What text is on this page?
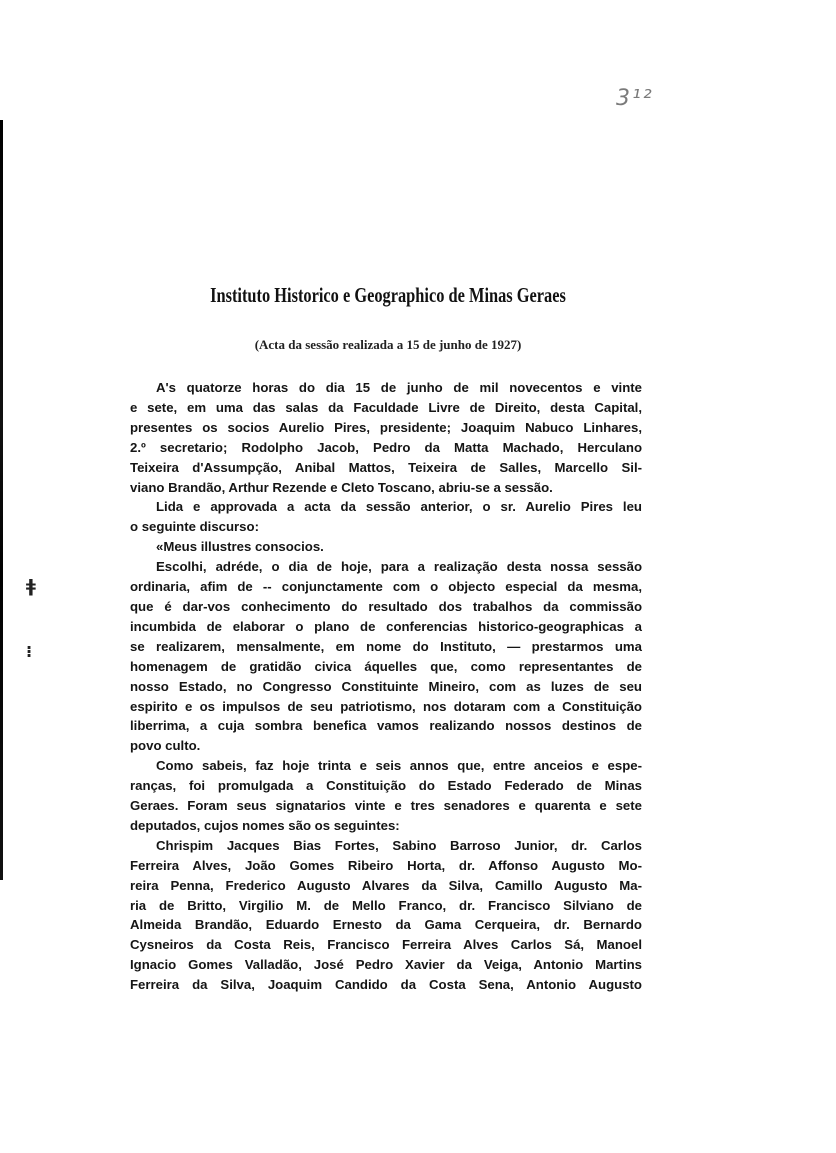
3¹²
ǂ
⁝
Instituto Historico e Geographico de Minas Geraes
(Acta da sessão realizada a 15 de junho de 1927)
A's quatorze horas do dia 15 de junho de mil novecentos e vinte
e sete, em uma das salas da Faculdade Livre de Direito, desta Capital,
presentes os socios Aurelio Pires, presidente; Joaquim Nabuco Linhares,
2.º secretario; Rodolpho Jacob, Pedro da Matta Machado, Herculano
Teixeira d'Assumpção, Anibal Mattos, Teixeira de Salles, Marcello Sil-
viano Brandão, Arthur Rezende e Cleto Toscano, abriu-se a sessão.
Lida e approvada a acta da sessão anterior, o sr. Aurelio Pires leu
o seguinte discurso:
«Meus illustres consocios.
Escolhi, adréde, o dia de hoje, para a realização desta nossa sessão
ordinaria, afim de -- conjunctamente com o objecto especial da mesma,
que é dar-vos conhecimento do resultado dos trabalhos da commissão
incumbida de elaborar o plano de conferencias historico-geographicas a
se realizarem, mensalmente, em nome do Instituto, — prestarmos uma
homenagem de gratidão civica áquelles que, como representantes de
nosso Estado, no Congresso Constituinte Mineiro, com as luzes de seu
espirito e os impulsos de seu patriotismo, nos dotaram com a Constituição
liberrima, a cuja sombra benefica vamos realizando nossos destinos de
povo culto.
Como sabeis, faz hoje trinta e seis annos que, entre anceios e espe-
ranças, foi promulgada a Constituição do Estado Federado de Minas
Geraes. Foram seus signatarios vinte e tres senadores e quarenta e sete
deputados, cujos nomes são os seguintes:
Chrispim Jacques Bias Fortes, Sabino Barroso Junior, dr. Carlos
Ferreira Alves, João Gomes Ribeiro Horta, dr. Affonso Augusto Mo-
reira Penna, Frederico Augusto Alvares da Silva, Camillo Augusto Ma-
ria de Britto, Virgilio M. de Mello Franco, dr. Francisco Silviano de
Almeida Brandão, Eduardo Ernesto da Gama Cerqueira, dr. Bernardo
Cysneiros da Costa Reis, Francisco Ferreira Alves Carlos Sá, Manoel
Ignacio Gomes Valladão, José Pedro Xavier da Veiga, Antonio Martins
Ferreira da Silva, Joaquim Candido da Costa Sena, Antonio Augusto
